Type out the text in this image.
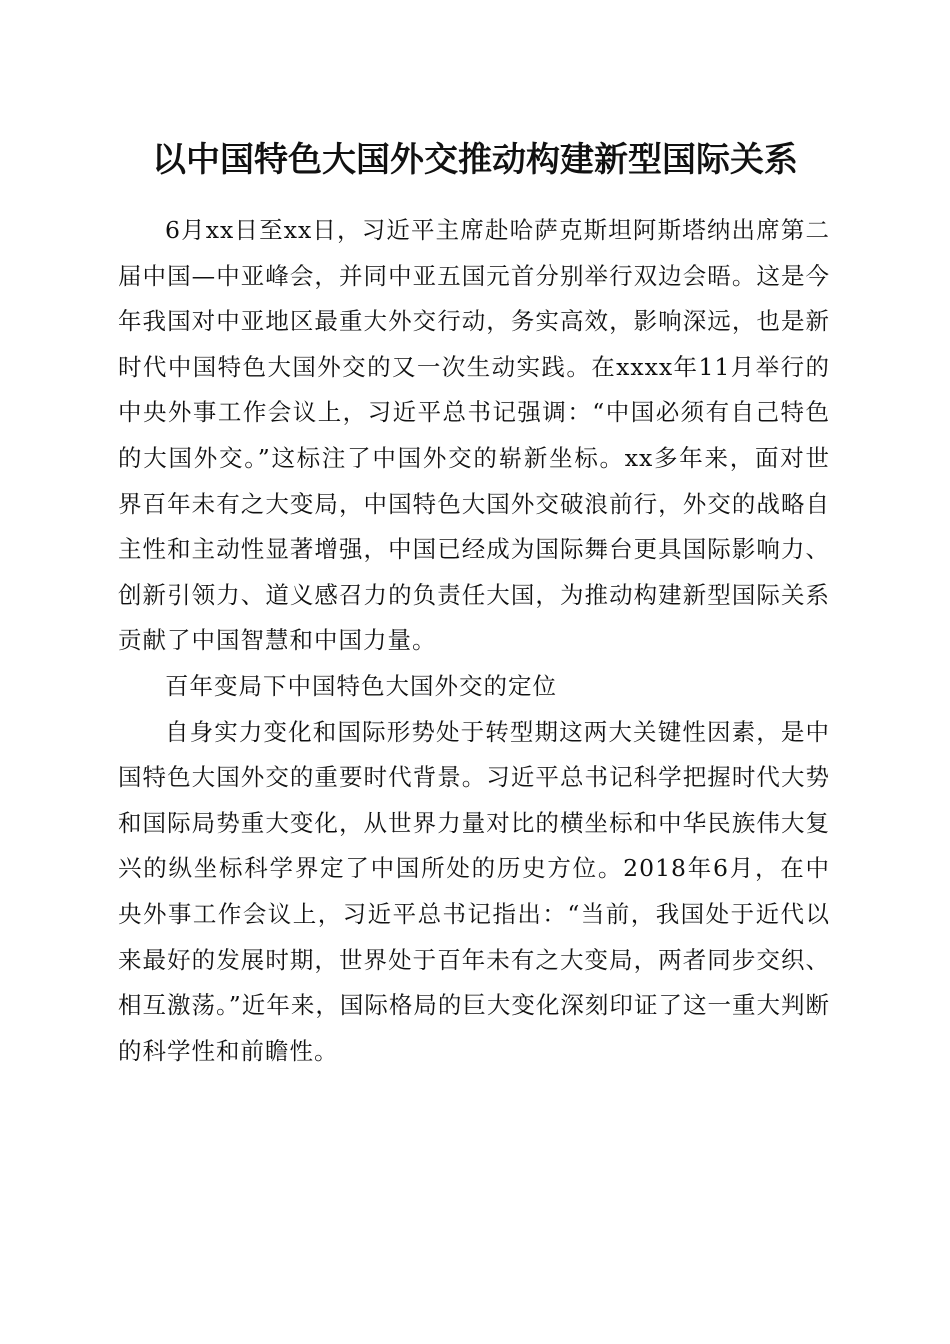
以中国特色大国外交推动构建新型国际关系

6月xx日至xx日，习近平主席赴哈萨克斯坦阿斯塔纳出席第二届中国—中亚峰会，并同中亚五国元首分别举行双边会晤。这是今年我国对中亚地区最重大外交行动，务实高效，影响深远，也是新时代中国特色大国外交的又一次生动实践。在xxxx年11月举行的中央外事工作会议上，习近平总书记强调：“中国必须有自己特色的大国外交。”这标注了中国外交的崭新坐标。xx多年来，面对世界百年未有之大变局，中国特色大国外交破浪前行，外交的战略自主性和主动性显著增强，中国已经成为国际舞台更具国际影响力、创新引领力、道义感召力的负责任大国，为推动构建新型国际关系贡献了中国智慧和中国力量。

百年变局下中国特色大国外交的定位

自身实力变化和国际形势处于转型期这两大关键性因素，是中国特色大国外交的重要时代背景。习近平总书记科学把握时代大势和国际局势重大变化，从世界力量对比的横坐标和中华民族伟大复兴的纵坐标科学界定了中国所处的历史方位。2018年6月，在中央外事工作会议上，习近平总书记指出：“当前，我国处于近代以来最好的发展时期，世界处于百年未有之大变局，两者同步交织、相互激荡。”近年来，国际格局的巨大变化深刻印证了这一重大判断的科学性和前瞻性。
